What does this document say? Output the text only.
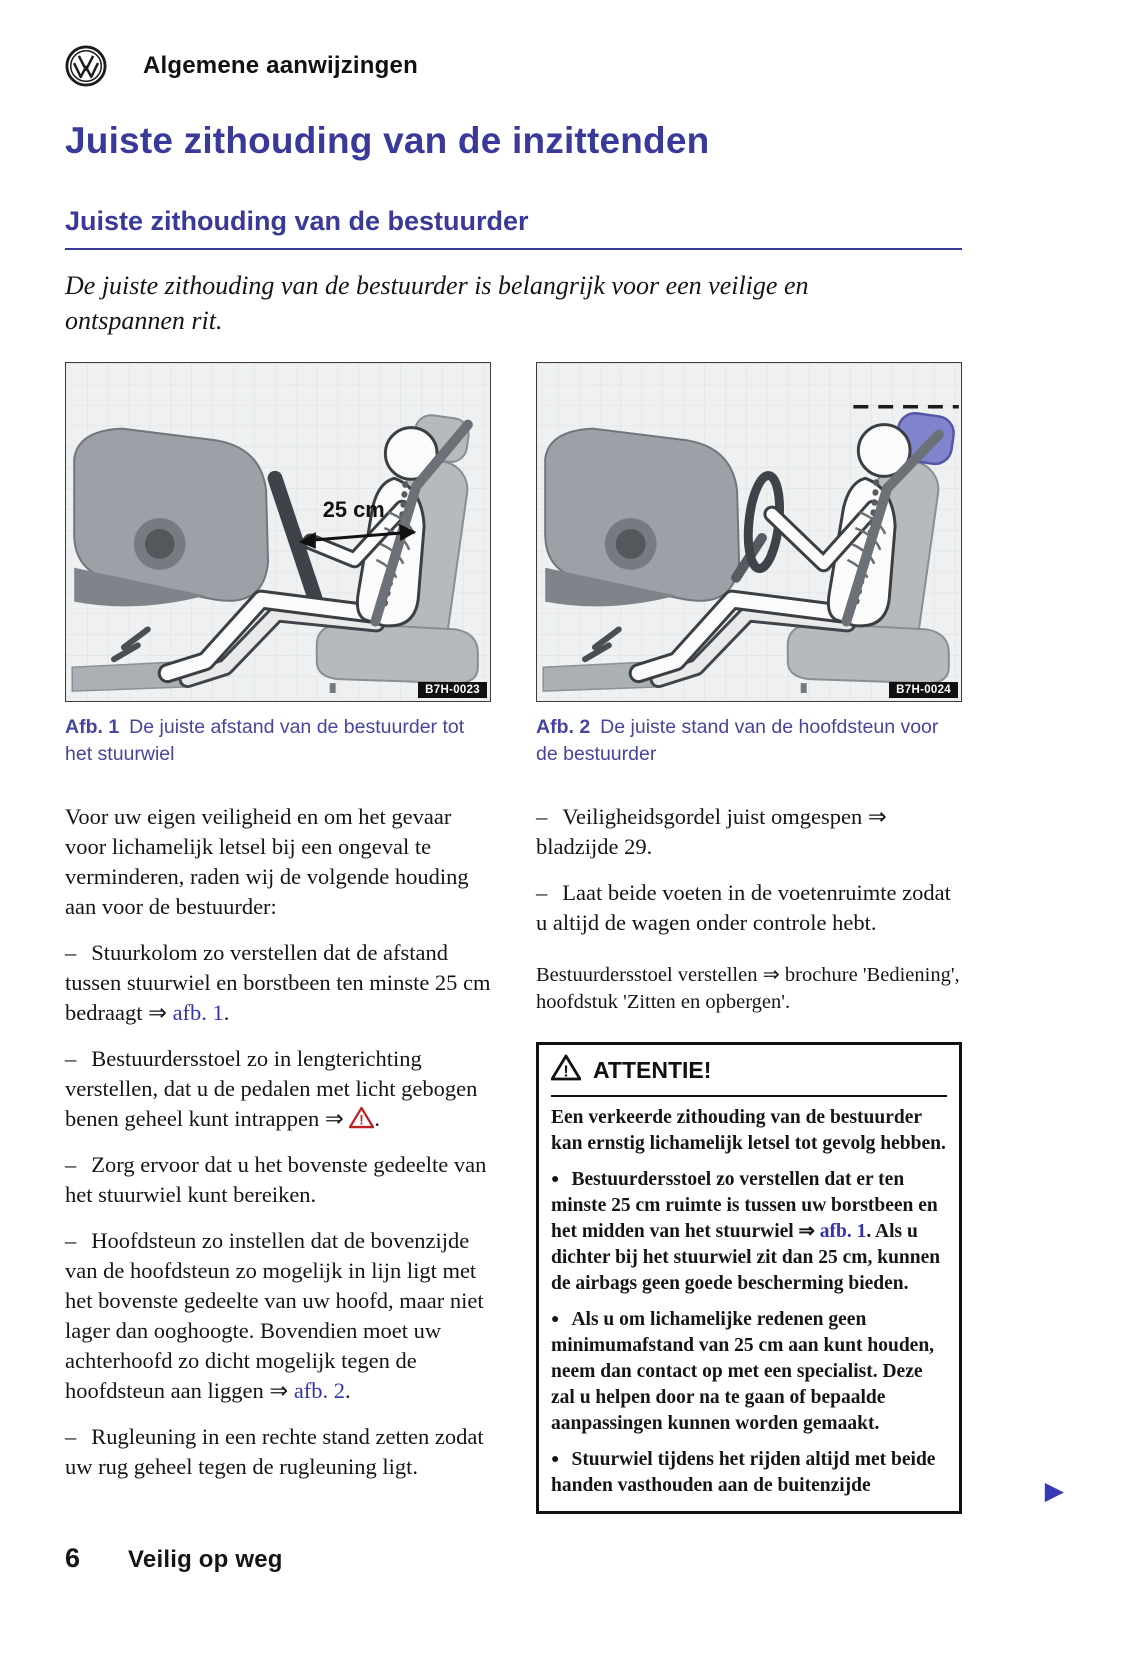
Algemene aanwijzingen
Juiste zithouding van de inzittenden
Juiste zithouding van de bestuurder

De juiste zithouding van de bestuurder is belangrijk voor een veilige en ontspannen rit.

25 cm
B7H-0023
Afb. 1 De juiste afstand van de bestuurder tot het stuurwiel
B7H-0024
Afb. 2 De juiste stand van de hoofdsteun voor de bestuurder

Voor uw eigen veiligheid en om het gevaar voor lichamelijk letsel bij een ongeval te verminderen, raden wij de volgende houding aan voor de bestuurder:

– Stuurkolom zo verstellen dat de afstand tussen stuurwiel en borstbeen ten minste 25 cm bedraagt ⇒ afb. 1.

– Bestuurdersstoel zo in lengterichting verstellen, dat u de pedalen met licht gebogen benen geheel kunt intrappen ⇒ ! .

– Zorg ervoor dat u het bovenste gedeelte van het stuurwiel kunt bereiken.

– Hoofdsteun zo instellen dat de bovenzijde van de hoofdsteun zo mogelijk in lijn ligt met het bovenste gedeelte van uw hoofd, maar niet lager dan ooghoogte. Bovendien moet uw achterhoofd zo dicht mogelijk tegen de hoofdsteun aan liggen ⇒ afb. 2.

– Rugleuning in een rechte stand zetten zodat uw rug geheel tegen de rugleuning ligt.

– Veiligheidsgordel juist omgespen ⇒ bladzijde 29.

– Laat beide voeten in de voetenruimte zodat u altijd de wagen onder controle hebt.

Bestuurdersstoel verstellen ⇒ brochure 'Bediening', hoofdstuk 'Zitten en opbergen'.

! ATTENTIE!

Een verkeerde zithouding van de bestuurder kan ernstig lichamelijk letsel tot gevolg hebben.

● Bestuurdersstoel zo verstellen dat er ten minste 25 cm ruimte is tussen uw borstbeen en het midden van het stuurwiel ⇒ afb. 1. Als u dichter bij het stuurwiel zit dan 25 cm, kunnen de airbags geen goede bescherming bieden.

● Als u om lichamelijke redenen geen minimumafstand van 25 cm aan kunt houden, neem dan contact op met een specialist. Deze zal u helpen door na te gaan of bepaalde aanpassingen kunnen worden gemaakt.

● Stuurwiel tijdens het rijden altijd met beide handen vasthouden aan de buitenzijde	▶
6 Veilig op weg
